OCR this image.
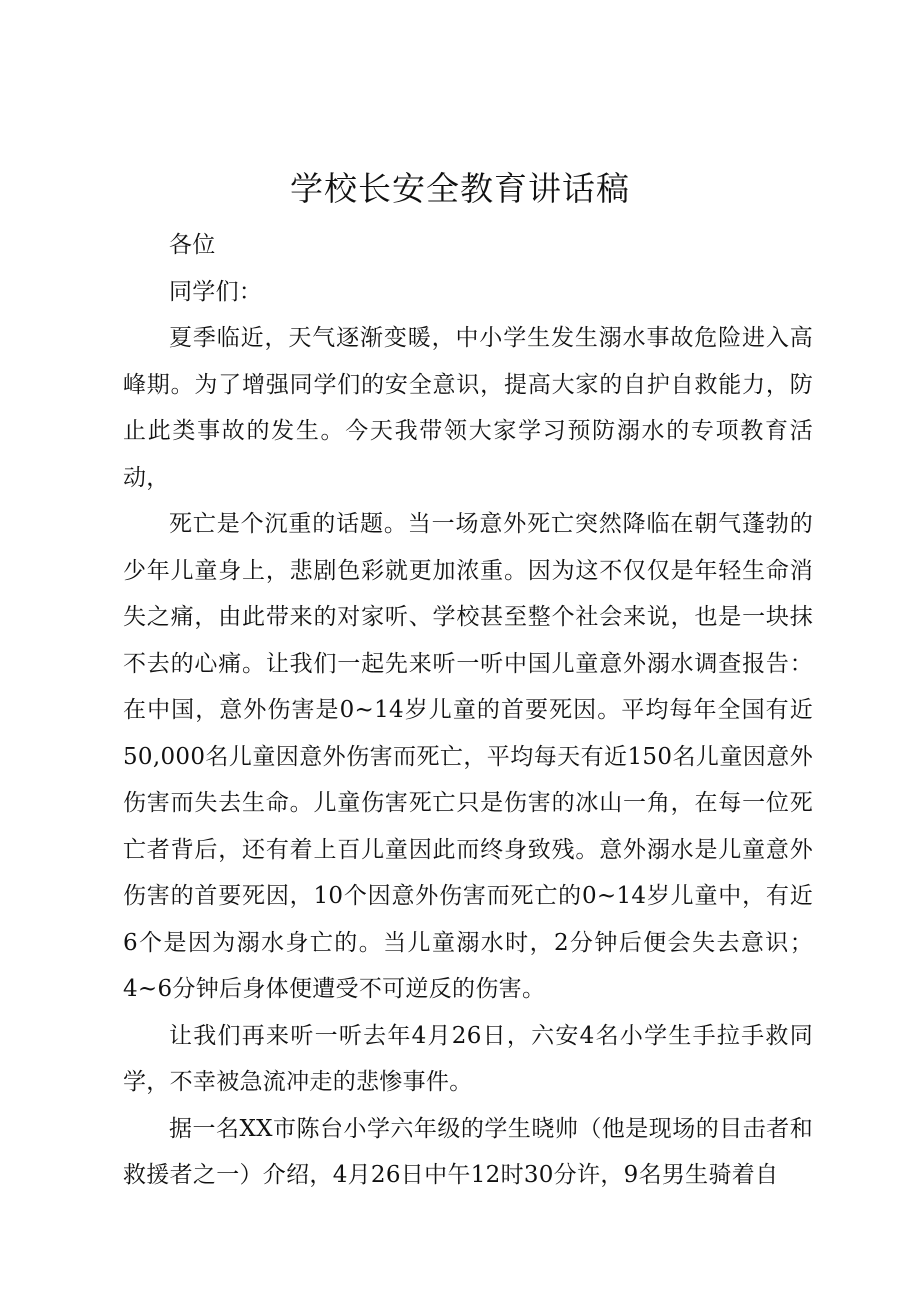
学校长安全教育讲话稿

各位

同学们：

夏季临近，天气逐渐变暖，中小学生发生溺水事故危险进入高峰期。为了增强同学们的安全意识，提高大家的自护自救能力，防止此类事故的发生。今天我带领大家学习预防溺水的专项教育活动，

死亡是个沉重的话题。当一场意外死亡突然降临在朝气蓬勃的少年儿童身上，悲剧色彩就更加浓重。因为这不仅仅是年轻生命消失之痛，由此带来的对家听、学校甚至整个社会来说，也是一块抹不去的心痛。让我们一起先来听一听中国儿童意外溺水调查报告：在中国，意外伤害是0~14岁儿童的首要死因。平均每年全国有近50,000名儿童因意外伤害而死亡，平均每天有近150名儿童因意外伤害而失去生命。儿童伤害死亡只是伤害的冰山一角，在每一位死亡者背后，还有着上百儿童因此而终身致残。意外溺水是儿童意外伤害的首要死因，10个因意外伤害而死亡的0~14岁儿童中，有近6个是因为溺水身亡的。当儿童溺水时，2分钟后便会失去意识；4~6分钟后身体便遭受不可逆反的伤害。

让我们再来听一听去年4月26日，六安4名小学生手拉手救同学，不幸被急流冲走的悲惨事件。

据一名XX市陈台小学六年级的学生晓帅（他是现场的目击者和救援者之一）介绍，4月26日中午12时30分许，9名男生骑着自
